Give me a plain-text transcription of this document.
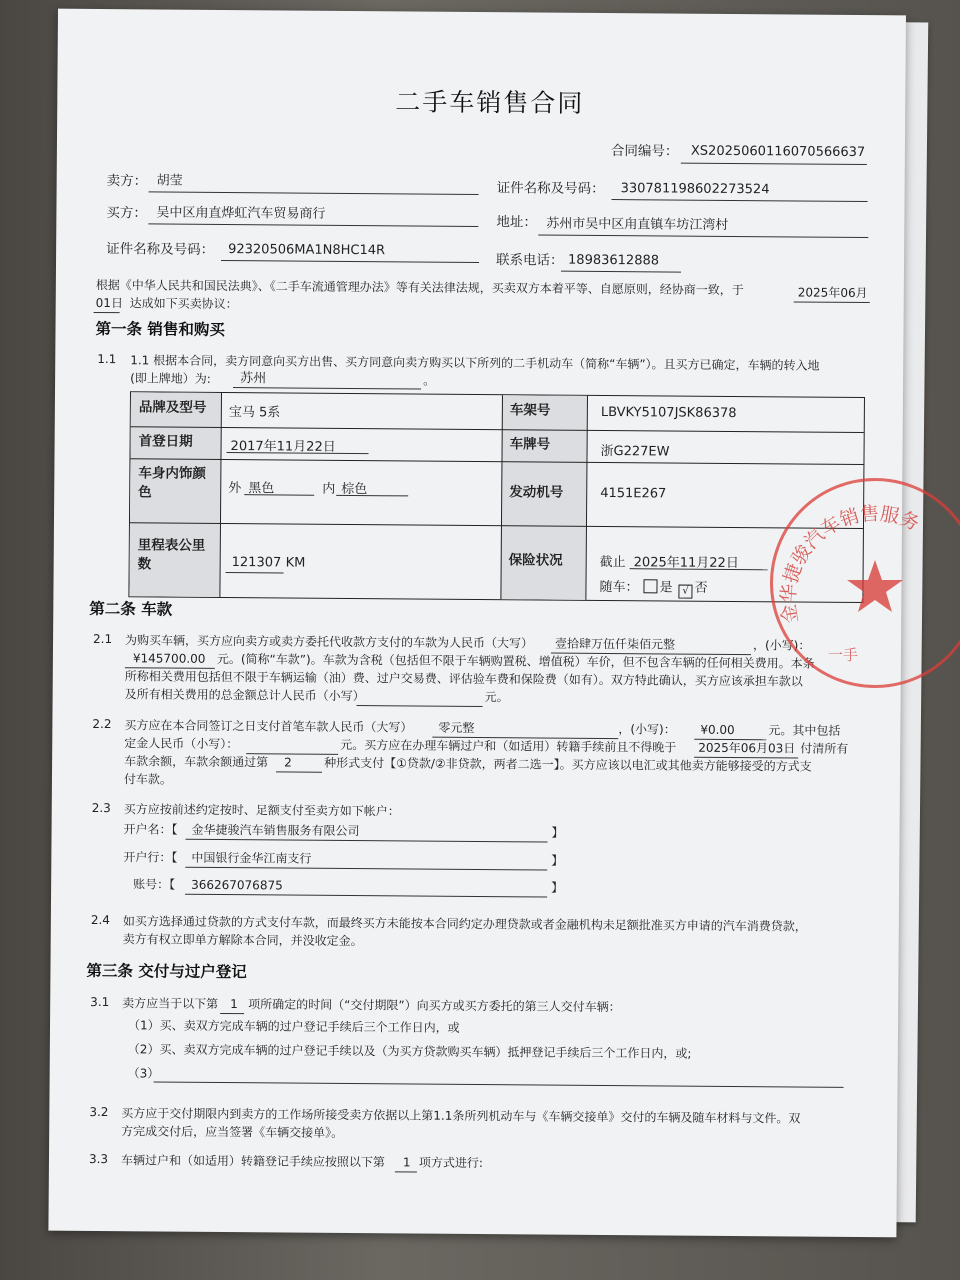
二手车销售合同
合同编号： XS20250601160705666​37
卖方： 胡莹	证件名称及号码： 330781198602273524
买方： 吴中区甪直烨虹汽车贸易商行
地址： 苏州市吴中区甪直镇车坊江湾村
证件名称及号码： 92320506MA1N8HC14R
联系电话： 18983612888
根据《中华人民共和国民法典》、《二手车流通管理办法》等有关法律法规，买卖双方本着平等、自愿原则，经协商一致，于	2025年06月
01日 达成如下买卖协议：
第一条 销售和购买
1.1 1.1 根据本合同，卖方同意向买方出售、买方同意向卖方购买以下所列的二手机动车（简称“车辆”）。且买方已确定，车辆的转入地
(即上牌地）为: 苏州	。
品牌及型号	宝马 5系	车架号	LBVKY5107JSK86378
首登日期	2017年11月22日	车牌号	浙G227EW
车身内饰颜色	外 黑色	内 棕色	发动机号	4151E267
里程表公里数	121307 KM	保险状况	截止 2025年11月22日
随车：	是 √ 否
第二条 车款
2.1 为购买车辆，买方应向卖方或卖方委托代收款方支付的车款为人民币（大写） 壹拾肆万伍仟柒佰元整	，(小写)：
¥145700.00 元。(简称“车款”)。车款为含税（包括但不限于车辆购置税、增值税）车价，但不包含车辆的任何相关费用。本条
所称相关费用包括但不限于车辆运输（油）费、过户交易费、评估验车费和保险费（如有）。双方特此确认，买方应该承担车款以
及所有相关费用的总金额总计人民币（小写）	元。
2.2 买方应在本合同签订之日支付首笔车款人民币（大写） 零元整	，(小写)： ¥0.00	元。其中包括
定金人民币（小写）：	元。买方应在办理车辆过户和（如适用）转籍手续前且不得晚于 2025年06月03日 付清所有
车款余额，车款余额通过第 2	种形式支付【①贷款/②非贷款，两者二选一】。买方应该以电汇或其他卖方能够接受的方式支
付车款。
2.3 买方应按前述约定按时、足额支付至卖方如下帐户：
开户名：【 金华捷骏汽车销售服务有限公司	】
开户行：【 中国银行金华江南支行	】
账号：【 366267076875	】
2.4 如买方选择通过贷款的方式支付车款，而最终买方未能按本合同约定办理贷款或者金融机构未足额批准买方申请的汽车消费贷款，
卖方有权立即单方解除本合同，并没收定金。
第三条 交付与过户登记
3.1 卖方应当于以下第 1 项所确定的时间（“交付期限”）向买方或买方委托的第三人交付车辆：
（1）买、卖双方完成车辆的过户登记手续后三个工作日内，或
（2）买、卖双方完成车辆的过户登记手续以及（为买方贷款购买车辆）抵押登记手续后三个工作日内，或;
（3）
3.2 买方应于交付期限内到卖方的工作场所接受卖方依据以上第1.1条所列机动车与《车辆交接单》交付的车辆及随车材料与文件。双
方完成交付后，应当签署《车辆交接单》。
3.3 车辆过户和（如适用）转籍登记手续应按照以下第 1 项方式进行:
金华捷骏汽车销售服务
一手
